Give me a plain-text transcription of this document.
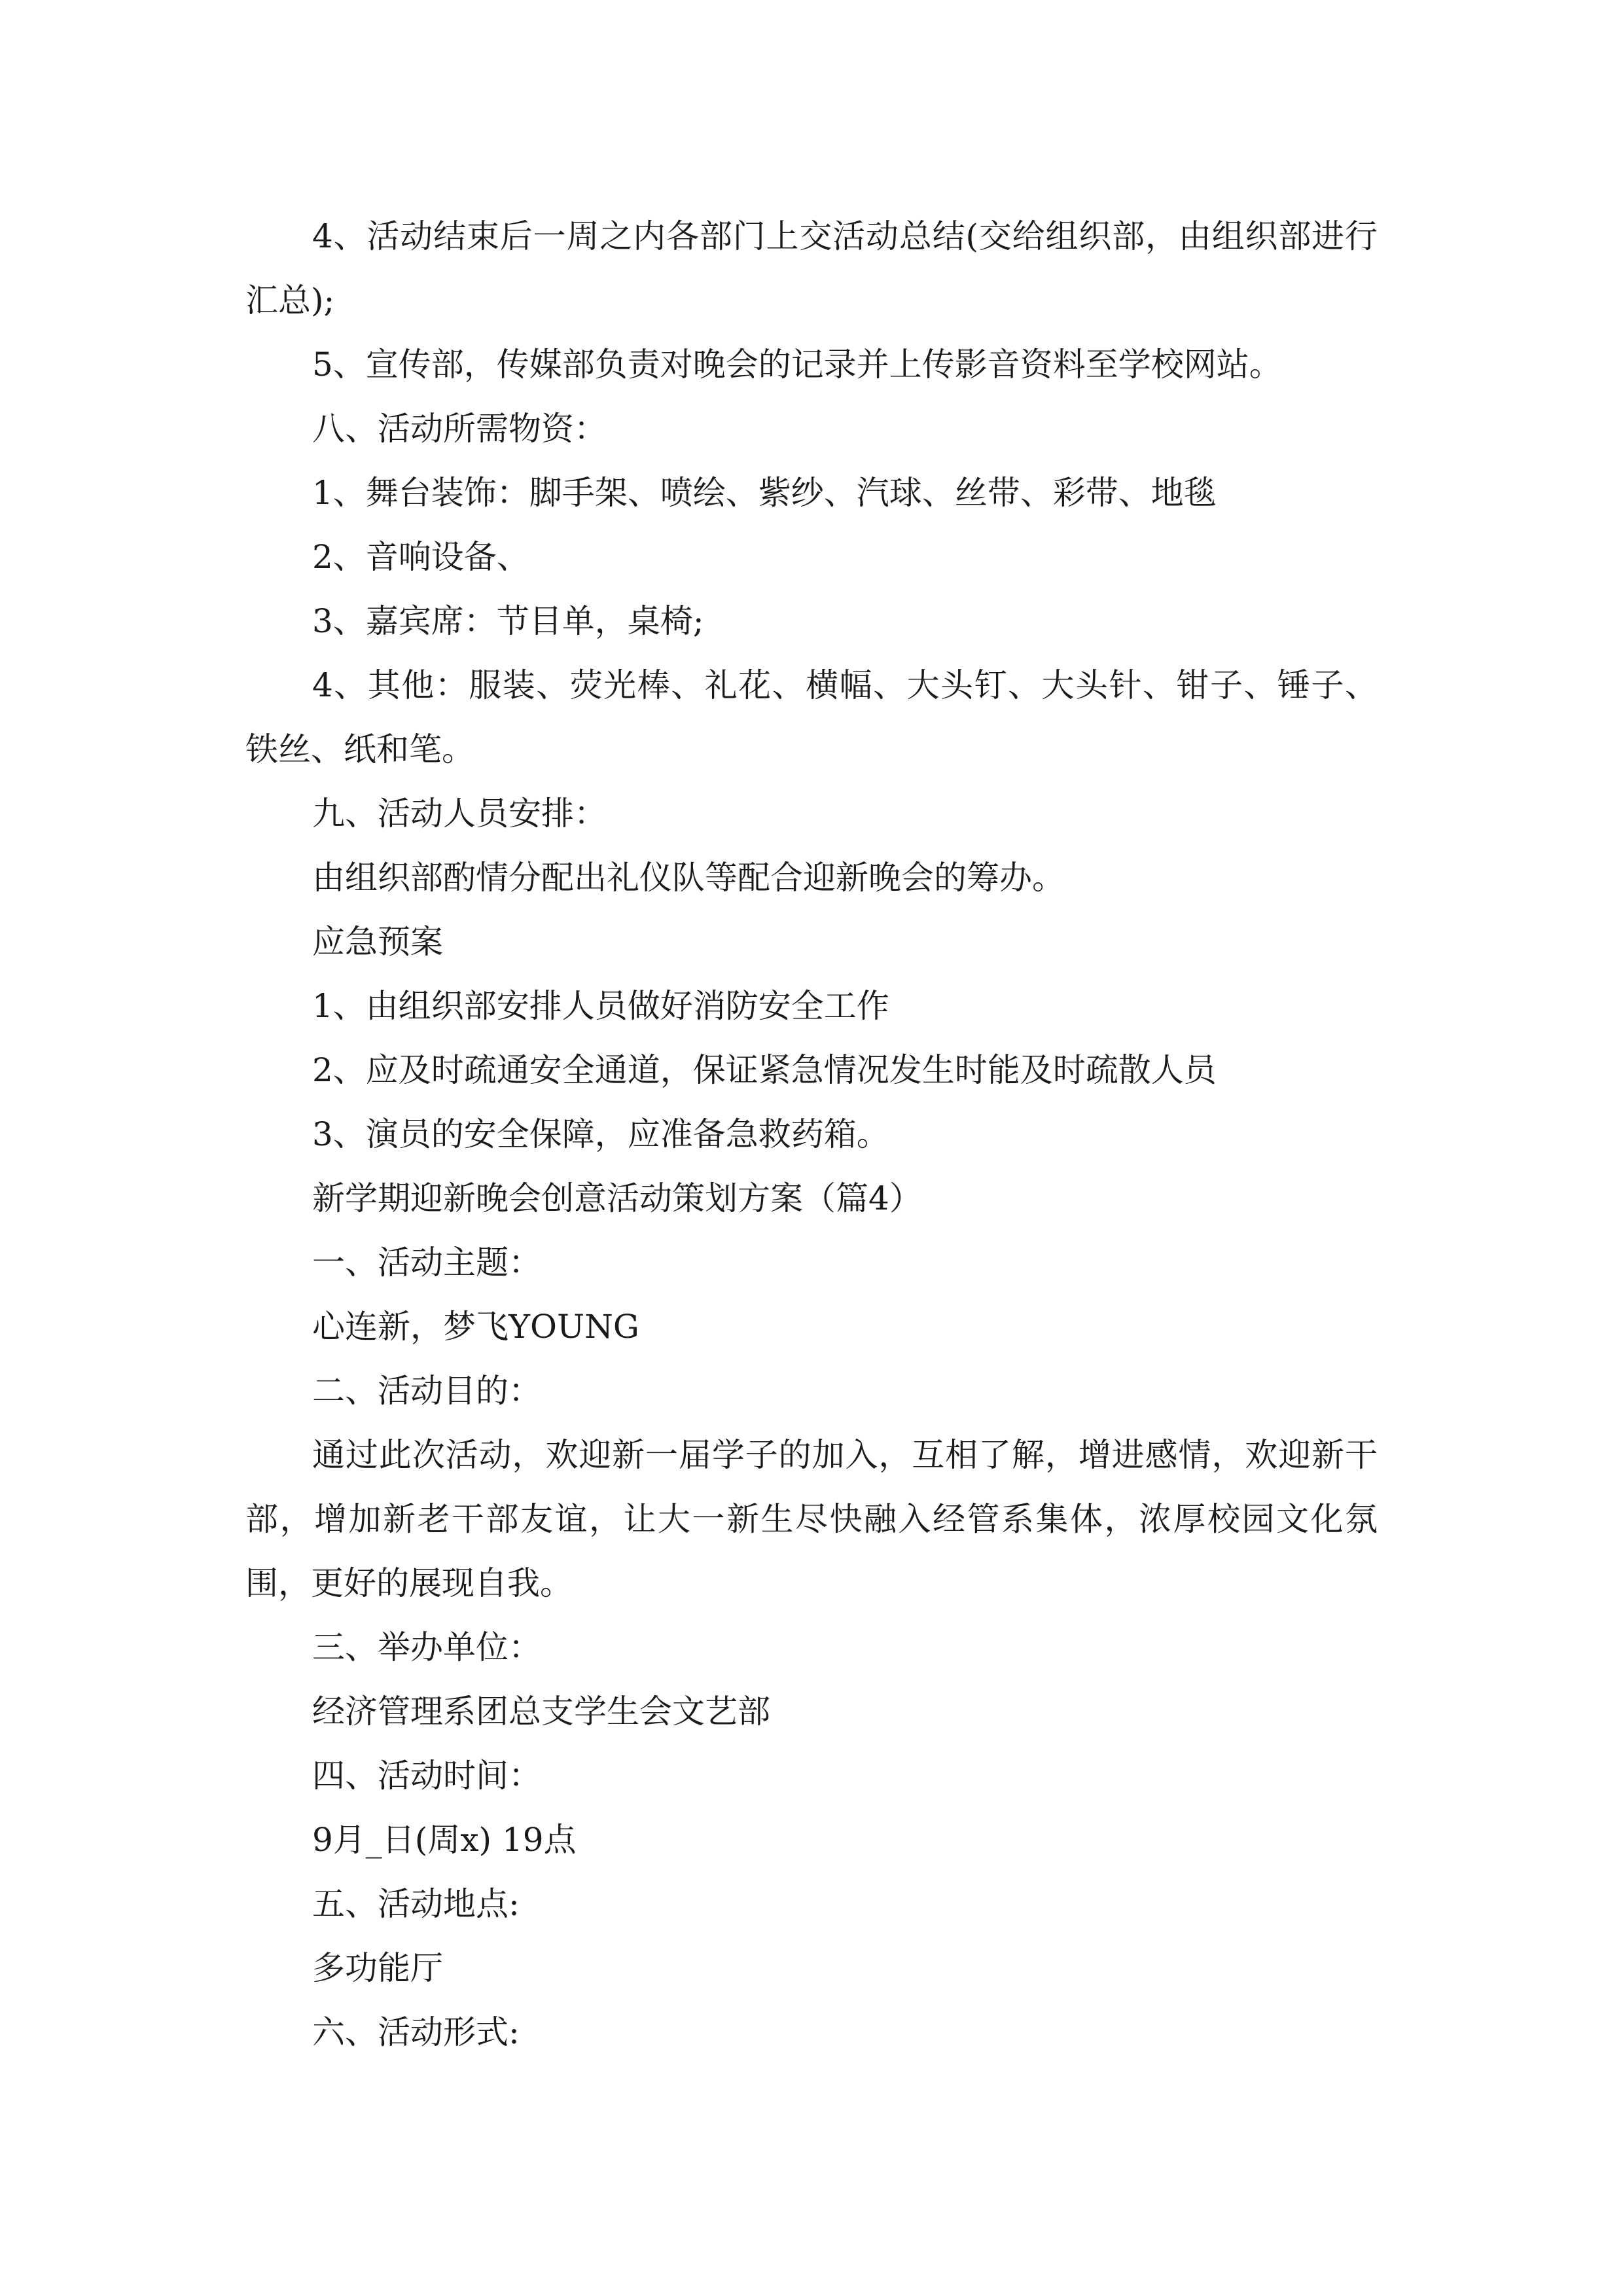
4、活动结束后一周之内各部门上交活动总结(交给组织部，由组织部进行汇总);

5、宣传部，传媒部负责对晚会的记录并上传影音资料至学校网站。

八、活动所需物资：

1、舞台装饰：脚手架、喷绘、紫纱、汽球、丝带、彩带、地毯

2、音响设备、

3、嘉宾席：节目单，桌椅;

4、其他：服装、荧光棒、礼花、横幅、大头钉、大头针、钳子、锤子、铁丝、纸和笔。

九、活动人员安排：

由组织部酌情分配出礼仪队等配合迎新晚会的筹办。

应急预案

1、由组织部安排人员做好消防安全工作

2、应及时疏通安全通道，保证紧急情况发生时能及时疏散人员

3、演员的安全保障，应准备急救药箱。

新学期迎新晚会创意活动策划方案（篇4）

一、活动主题：

心连新，梦飞YOUNG

二、活动目的：

通过此次活动，欢迎新一届学子的加入，互相了解，增进感情，欢迎新干部，增加新老干部友谊，让大一新生尽快融入经管系集体，浓厚校园文化氛围，更好的展现自我。

三、举办单位：

经济管理系团总支学生会文艺部

四、活动时间：

9月_日(周x) 19点

五、活动地点:

多功能厅

六、活动形式:
